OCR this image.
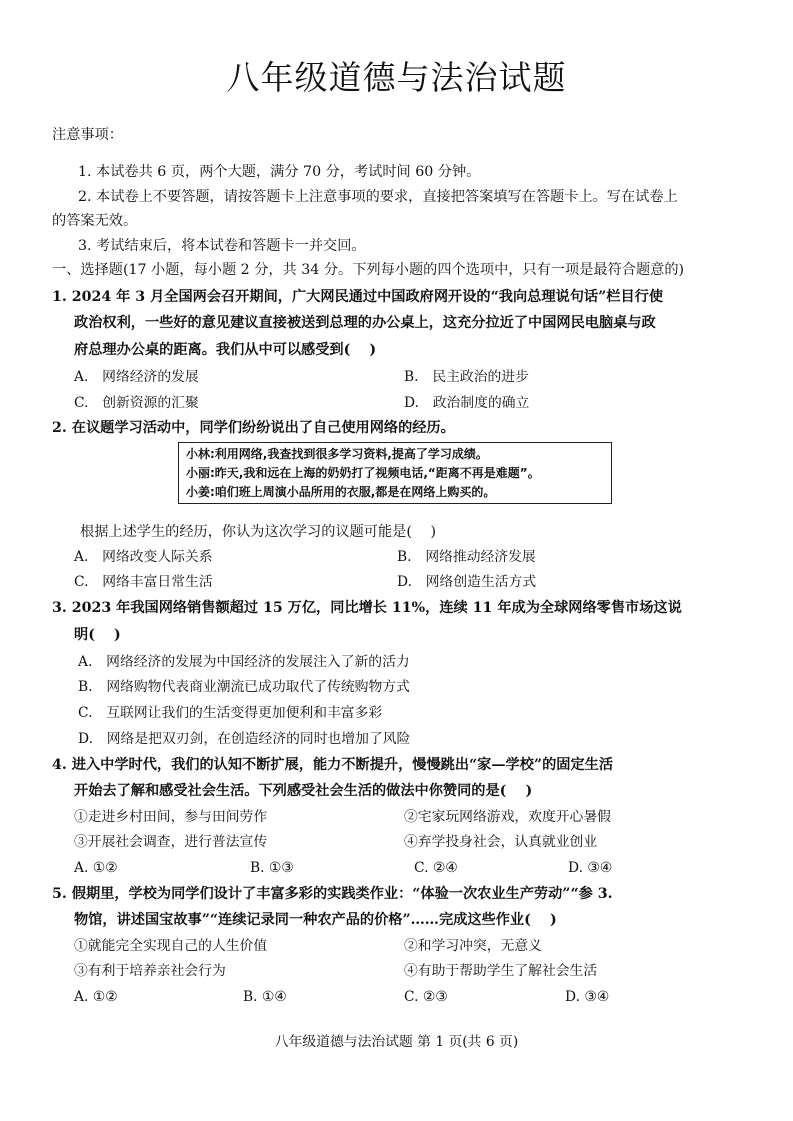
八年级道德与法治试题
注意事项：
1. 本试卷共 6 页，两个大题，满分 70 分，考试时间 60 分钟。
2. 本试卷上不要答题，请按答题卡上注意事项的要求，直接把答案填写在答题卡上。写在试卷上
的答案无效。
3. 考试结束后，将本试卷和答题卡一并交回。
一、选择题(17 小题，每小题 2 分，共 34 分。下列每小题的四个选项中，只有一项是最符合题意的)
1. 2024 年 3 月全国两会召开期间，广大网民通过中国政府网开设的“我向总理说句话”栏目行使
政治权利，一些好的意见建议直接被送到总理的办公桌上，这充分拉近了中国网民电脑桌与政
府总理办公桌的距离。我们从中可以感受到(　 )
A.　网络经济的发展	B.　民主政治的进步
C.　创新资源的汇聚	D.　政治制度的确立
2. 在议题学习活动中，同学们纷纷说出了自己使用网络的经历。
小林:利用网络,我查找到很多学习资料,提高了学习成绩。
小丽:昨天,我和远在上海的奶奶打了视频电话,“距离不再是难题”。
小姜:咱们班上周演小品所用的衣服,都是在网络上购买的。
根据上述学生的经历，你认为这次学习的议题可能是(　 )
A.　网络改变人际关系	B.　网络推动经济发展
C.　网络丰富日常生活	D.　网络创造生活方式
3. 2023 年我国网络销售额超过 15 万亿，同比增长 11%，连续 11 年成为全球网络零售市场这说
明(　 )
A.　网络经济的发展为中国经济的发展注入了新的活力
B.　网络购物代表商业潮流已成功取代了传统购物方式
C.　互联网让我们的生活变得更加便利和丰富多彩
D.　网络是把双刃剑，在创造经济的同时也增加了风险
4. 进入中学时代，我们的认知不断扩展，能力不断提升，慢慢跳出“家—学校”的固定生活
开始去了解和感受社会生活。下列感受社会生活的做法中你赞同的是(　 )
①走进乡村田间，参与田间劳作	②宅家玩网络游戏，欢度开心暑假
③开展社会调查，进行普法宣传	④弃学投身社会，认真就业创业
A. ①②	B. ①③	C. ②④	D. ③④
5. 假期里，学校为同学们设计了丰富多彩的实践类作业：“体验一次农业生产劳动”“参 3.
物馆，讲述国宝故事”“连续记录同一种农产品的价格”……完成这些作业(　 )
①就能完全实现自己的人生价值	②和学习冲突，无意义
③有利于培养亲社会行为	④有助于帮助学生了解社会生活
A. ①②	B. ①④	C. ②③	D. ③④
八年级道德与法治试题 第 1 页(共 6 页)
